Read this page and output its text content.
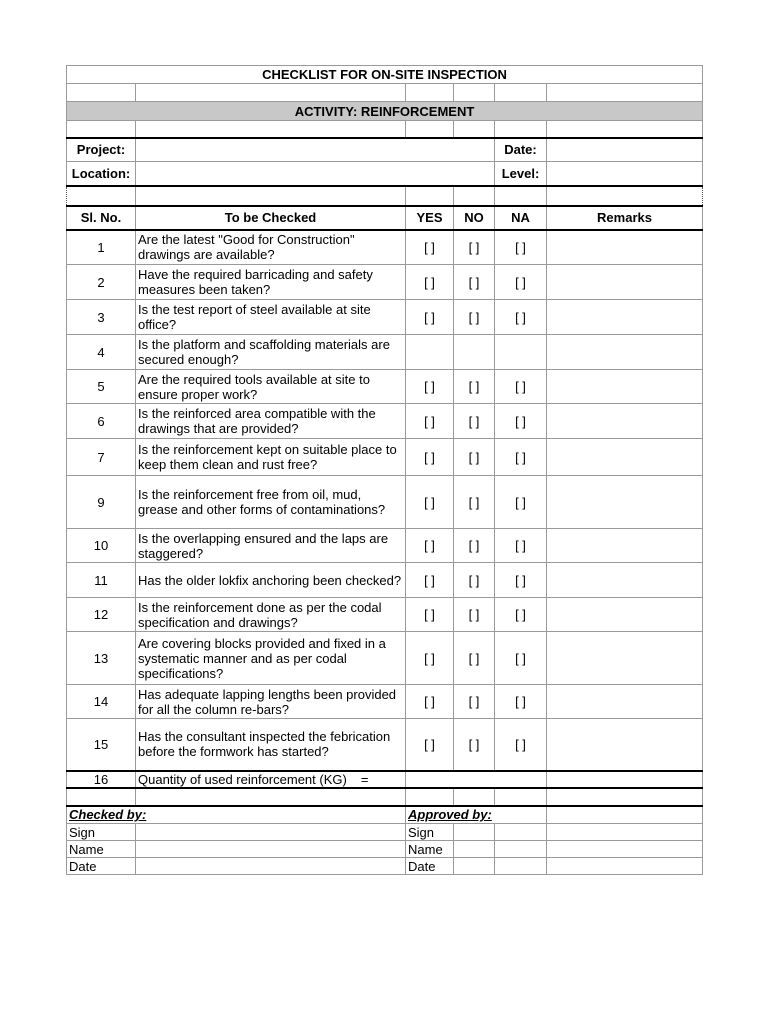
CHECKLIST FOR ON-SITE INSPECTION					

ACTIVITY: REINFORCEMENT					

Project:				Date:	
Location:				Level:	

Sl. No.	To be Checked	YES	NO	NA	Remarks
1	Are the latest "Good for Construction" drawings are available?	[ ]	[ ]	[ ]	
2	Have the required barricading and safety measures been taken?	[ ]	[ ]	[ ]	
3	Is the test report of steel available at site office?	[ ]	[ ]	[ ]	
4	Is the platform and scaffolding materials are secured enough?				
5	Are the required tools available at site to ensure proper work?	[ ]	[ ]	[ ]	
6	Is the reinforced area compatible with the drawings that are provided?	[ ]	[ ]	[ ]	
7	Is the reinforcement kept on suitable place to keep them clean and rust free?	[ ]	[ ]	[ ]	
9	Is the reinforcement free from oil, mud, grease and other forms of contaminations?	[ ]	[ ]	[ ]	
10	Is the overlapping ensured and the laps are staggered?	[ ]	[ ]	[ ]	
11	Has the older lokfix anchoring been checked?	[ ]	[ ]	[ ]	
12	Is the reinforcement done as per the codal specification and drawings?	[ ]	[ ]	[ ]	
13	Are covering blocks provided and fixed in a systematic manner and as per codal specifications?	[ ]	[ ]	[ ]	
14	Has adequate lapping lengths been provided for all the column re-bars?	[ ]	[ ]	[ ]	
15	Has the consultant inspected the febrication before the formwork has started?	[ ]	[ ]	[ ]	
16	Quantity of used reinforcement (KG) =				

Checked by:		Approved by:			
Sign		Sign			
Name		Name			
Date		Date			
